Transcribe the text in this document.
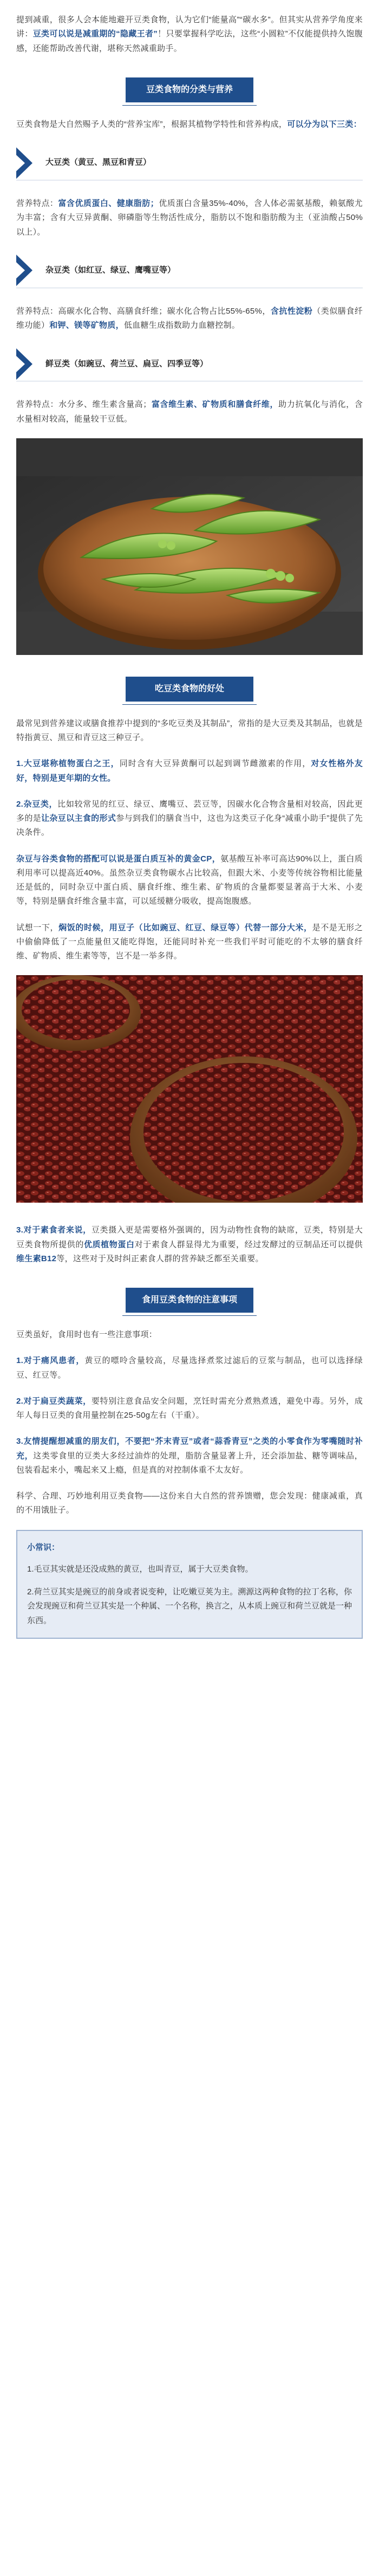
提到减重，很多人会本能地避开豆类食物，认为它们“能量高”“碳水多”。但其实从营养学角度来讲：豆类可以说是减重期的“隐藏王者”！只要掌握科学吃法，这些“小圆粒”不仅能提供持久饱腹感，还能帮助改善代谢，堪称天然减重助手。

豆类食物的分类与营养

豆类食物是大自然赐予人类的“营养宝库”，根据其植物学特性和营养构成，可以分为以下三类：

大豆类（黄豆、黑豆和青豆）

营养特点：富含优质蛋白、健康脂肪；优质蛋白含量35%-40%，含人体必需氨基酸，赖氨酸尤为丰富；含有大豆异黄酮、卵磷脂等生物活性成分，脂肪以不饱和脂肪酸为主（亚油酸占50%以上）。

杂豆类（如红豆、绿豆、鹰嘴豆等）

营养特点：高碳水化合物、高膳食纤维；碳水化合物占比55%-65%，含抗性淀粉（类似膳食纤维功能）和钾、镁等矿物质，低血糖生成指数助力血糖控制。

鲜豆类（如豌豆、荷兰豆、扁豆、四季豆等）

营养特点：水分多、维生素含量高；富含维生素、矿物质和膳食纤维，助力抗氧化与消化，含水量相对较高，能量较干豆低。

吃豆类食物的好处

最常见到营养建议或膳食推荐中提到的“多吃豆类及其制品”，常指的是大豆类及其制品，也就是特指黄豆、黑豆和青豆这三种豆子。

1.大豆堪称植物蛋白之王，同时含有大豆异黄酮可以起到调节雌激素的作用，对女性格外友好，特别是更年期的女性。

2.杂豆类，比如较常见的红豆、绿豆、鹰嘴豆、芸豆等，因碳水化合物含量相对较高，因此更多的是让杂豆以主食的形式参与到我们的膳食当中，这也为这类豆子化身“减重小助手”提供了先决条件。

杂豆与谷类食物的搭配可以说是蛋白质互补的黄金CP，氨基酸互补率可高达90%以上，蛋白质利用率可以提高近40%。虽然杂豆类食物碳水占比较高，但跟大米、小麦等传统谷物相比能量还是低的，同时杂豆中蛋白质、膳食纤维、维生素、矿物质的含量都要显著高于大米、小麦等，特别是膳食纤维含量丰富，可以延缓糖分吸收，提高饱腹感。

试想一下，焖饭的时候，用豆子（比如豌豆、红豆、绿豆等）代替一部分大米，是不是无形之中偷偷降低了一点能量但又能吃得饱，还能同时补充一些我们平时可能吃的不太够的膳食纤维、矿物质、维生素等等，岂不是一举多得。

3.对于素食者来说，豆类摄入更是需要格外强调的，因为动物性食物的缺席，豆类，特别是大豆类食物所提供的优质植物蛋白对于素食人群显得尤为重要，经过发酵过的豆制品还可以提供维生素B12等，这些对于及时纠正素食人群的营养缺乏都至关重要。

食用豆类食物的注意事项

豆类虽好，食用时也有一些注意事项：

1.对于痛风患者，黄豆的嘌呤含量较高，尽量选择煮浆过滤后的豆浆与制品，也可以选择绿豆、红豆等。

2.对于扁豆类蔬菜，要特别注意食品安全问题，烹饪时需充分煮熟煮透，避免中毒。另外，成年人每日豆类的食用量控制在25-50g左右（干重）。

3.友情提醒想减重的朋友们，不要把“芥末青豆”或者“蒜香青豆”之类的小零食作为零嘴随时补充，这类零食里的豆类大多经过油炸的处理，脂肪含量显著上升，还会添加盐、糖等调味品，包装看起来小，嘴起来又上瘾，但是真的对控制体重不太友好。

科学、合理、巧妙地利用豆类食物——这份来自大自然的营养馈赠，您会发现：健康减重，真的不用饿肚子。

小常识：

1.毛豆其实就是还没成熟的黄豆，也叫青豆，属于大豆类食物。

2.荷兰豆其实是豌豆的前身或者说变种，让吃嫩豆荚为主。溯源这两种食物的拉丁名称，你会发现豌豆和荷兰豆其实是一个种属、一个名称，换言之，从本质上豌豆和荷兰豆就是一种东西。
